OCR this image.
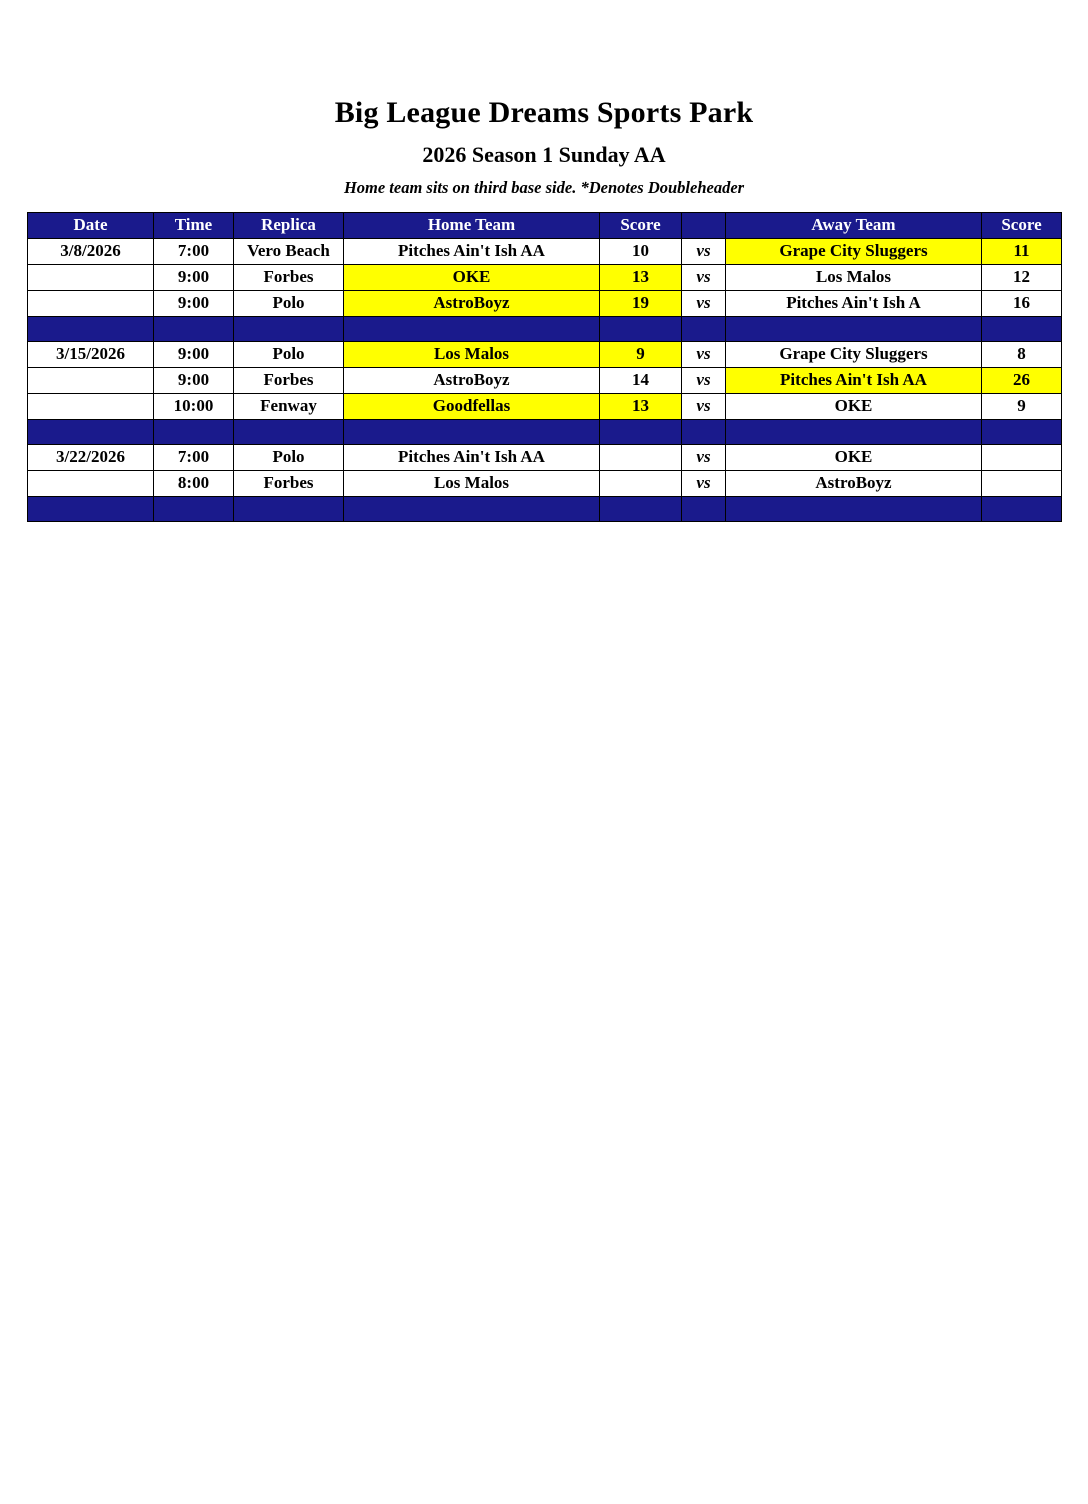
Big League Dreams Sports Park
2026 Season 1 Sunday AA
Home team sits on third base side. *Denotes Doubleheader
Date	Time	Replica	Home Team	Score		Away Team	Score
3/8/2026	7:00	Vero Beach	Pitches Ain't Ish AA	10	vs	Grape City Sluggers	11
	9:00	Forbes	OKE	13	vs	Los Malos	12
	9:00	Polo	AstroBoyz	19	vs	Pitches Ain't Ish A	16

3/15/2026	9:00	Polo	Los Malos	9	vs	Grape City Sluggers	8
	9:00	Forbes	AstroBoyz	14	vs	Pitches Ain't Ish AA	26
	10:00	Fenway	Goodfellas	13	vs	OKE	9

3/22/2026	7:00	Polo	Pitches Ain't Ish AA		vs	OKE	
	8:00	Forbes	Los Malos		vs	AstroBoyz	
